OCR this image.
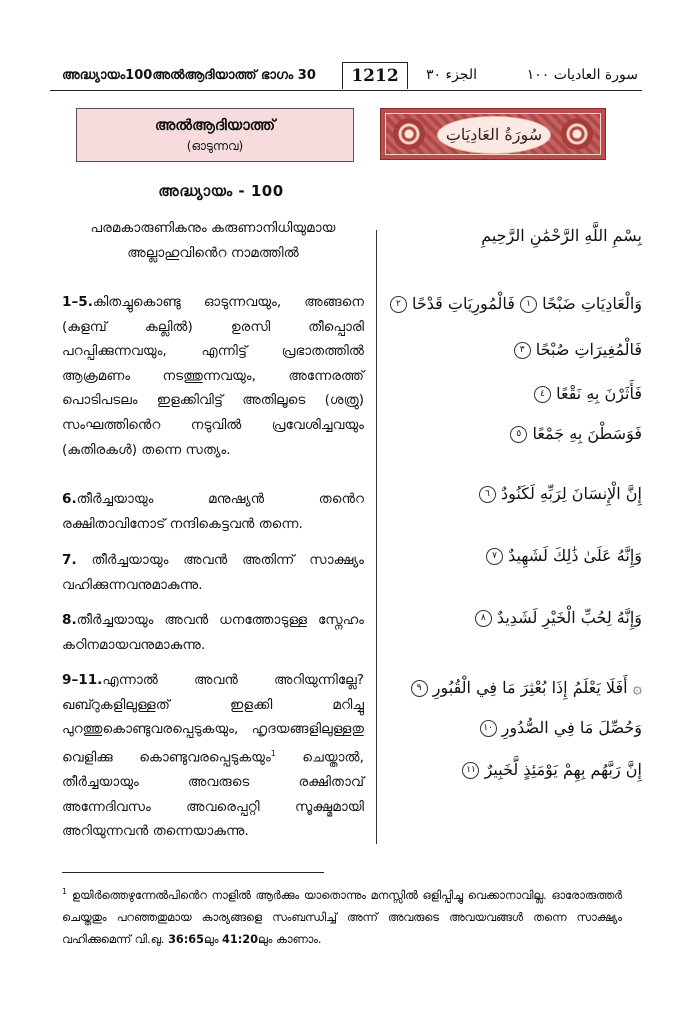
അദ്ധ്യായം100അൽആദിയാത്ത് ഭാഗം 30	1212	الجزء ٣٠	سورة العاديات ١٠٠
അൽആദിയാത്ത്
(ഓടുന്നവ)
سُورَةُ العَادِيَاتِ
അദ്ധ്യായം - 100

പരമകാരുണികനും കരുണാനിധിയുമായ
അല്ലാഹുവിൻെറ നാമത്തിൽ

1–5.കിതച്ചുകൊണ്ടു ഓടുന്നവയും, അങ്ങനെ (കുളമ്പ് കല്ലിൽ) ഉരസി തീപ്പൊരി പറപ്പിക്കുന്നവയും, എന്നിട്ട് പ്രഭാതത്തിൽ ആക്രമണം നടത്തുന്നവയും, അന്നേരത്ത് പൊടിപടലം ഇളക്കിവിട്ട് അതിലൂടെ (ശത്രു) സംഘത്തിൻെറ നടുവിൽ പ്രവേശിച്ചവയും (കുതിരകൾ) തന്നെ സത്യം.

6.തീർച്ചയായും മനുഷ്യൻ തൻെറ രക്ഷിതാവിനോട് നന്ദികെട്ടവൻ തന്നെ.

7. തീർച്ചയായും അവൻ അതിന്ന് സാക്ഷ്യം വഹിക്കുന്നവനുമാകുന്നു.

8.തീർച്ചയായും അവൻ ധനത്തോടുള്ള സ്നേഹം കഠിനമായവനുമാകുന്നു.

9–11.എന്നാൽ അവൻ അറിയുന്നില്ലേ? ഖബ്റുകളിലുള്ളത് ഇളക്കി മറിച്ചു പുറത്തുകൊണ്ടുവരപ്പെടുകയും, ഹൃദയങ്ങളിലുള്ളതു വെളിക്കു കൊണ്ടുവരപ്പെടുകയും$^1$ ചെയ്താൽ, തീർച്ചയായും അവരുടെ രക്ഷിതാവ് അന്നേദിവസം അവരെപ്പറ്റി സൂക്ഷ്മമായി അറിയുന്നവൻ തന്നെയാകുന്നു.

بِسْمِ اللَّهِ الرَّحْمَٰنِ الرَّحِيمِ
وَالْعَادِيَاتِ ضَبْحًا ١ فَالْمُورِيَاتِ قَدْحًا ٢
فَالْمُغِيرَاتِ صُبْحًا ٣
فَأَثَرْنَ بِهِ نَقْعًا ٤
فَوَسَطْنَ بِهِ جَمْعًا ٥
إِنَّ الْإِنسَانَ لِرَبِّهِ لَكَنُودٌ ٦
وَإِنَّهُ عَلَىٰ ذَٰلِكَ لَشَهِيدٌ ٧
وَإِنَّهُ لِحُبِّ الْخَيْرِ لَشَدِيدٌ ٨
۞ أَفَلَا يَعْلَمُ إِذَا بُعْثِرَ مَا فِي الْقُبُورِ ٩
وَحُصِّلَ مَا فِي الصُّدُورِ ١٠
إِنَّ رَبَّهُم بِهِمْ يَوْمَئِذٍ لَّخَبِيرٌ ١١

$^1$ ഉയിർത്തെഴുന്നേൽപിൻെറ നാളിൽ ആർക്കും യാതൊന്നും മനസ്സിൽ ഒളിപ്പിച്ചു വെക്കാനാവില്ല. ഓരോരുത്തർ ചെയ്തതും പറഞ്ഞതുമായ കാര്യങ്ങളെ സംബന്ധിച്ച് അന്ന് അവരുടെ അവയവങ്ങൾ തന്നെ സാക്ഷ്യം വഹിക്കുമെന്ന് വി.ഖു. 36:65ലും 41:20ലും കാണാം.
